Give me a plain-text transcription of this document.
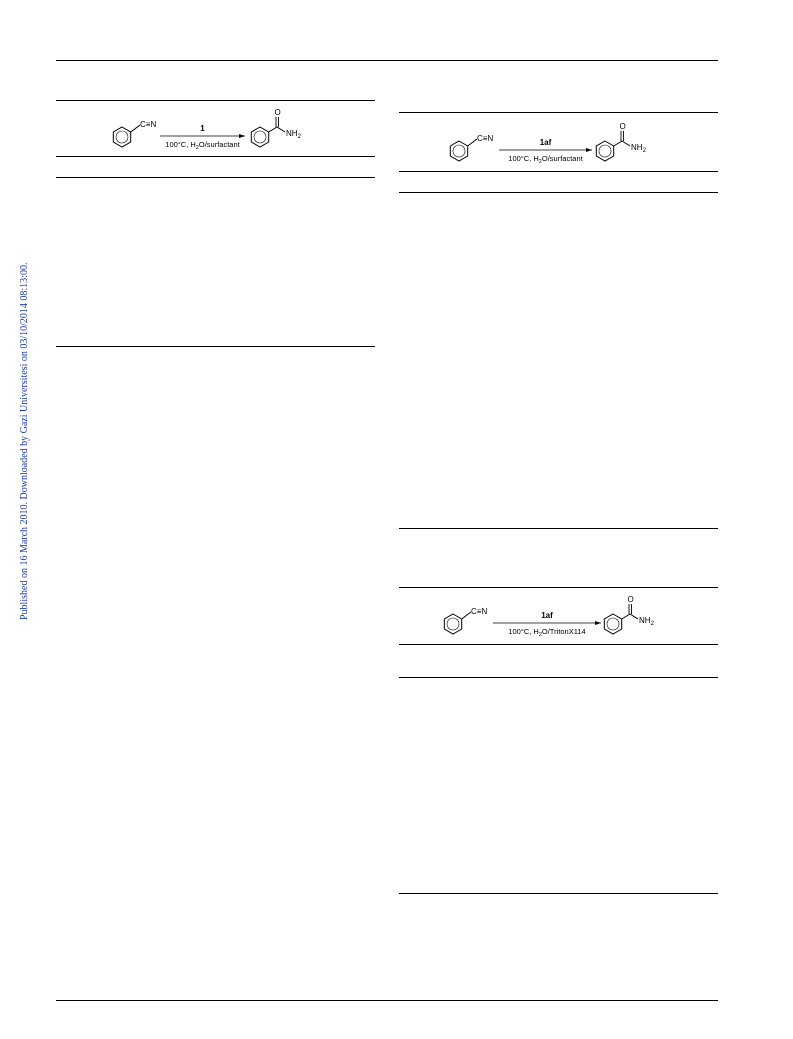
Published on 16 March 2010. Downloaded by Gazi Universitesi on 03/10/2014 08:13:00.
C≡N	1
100°C, $H_2O$/surfactant
O
$NH_2$	C≡N	1af
100°C, $H_2O$/surfactant
O
$NH_2$
C≡N	1af
100°C, $H_2O/TritonX114$
O
$NH_2$
